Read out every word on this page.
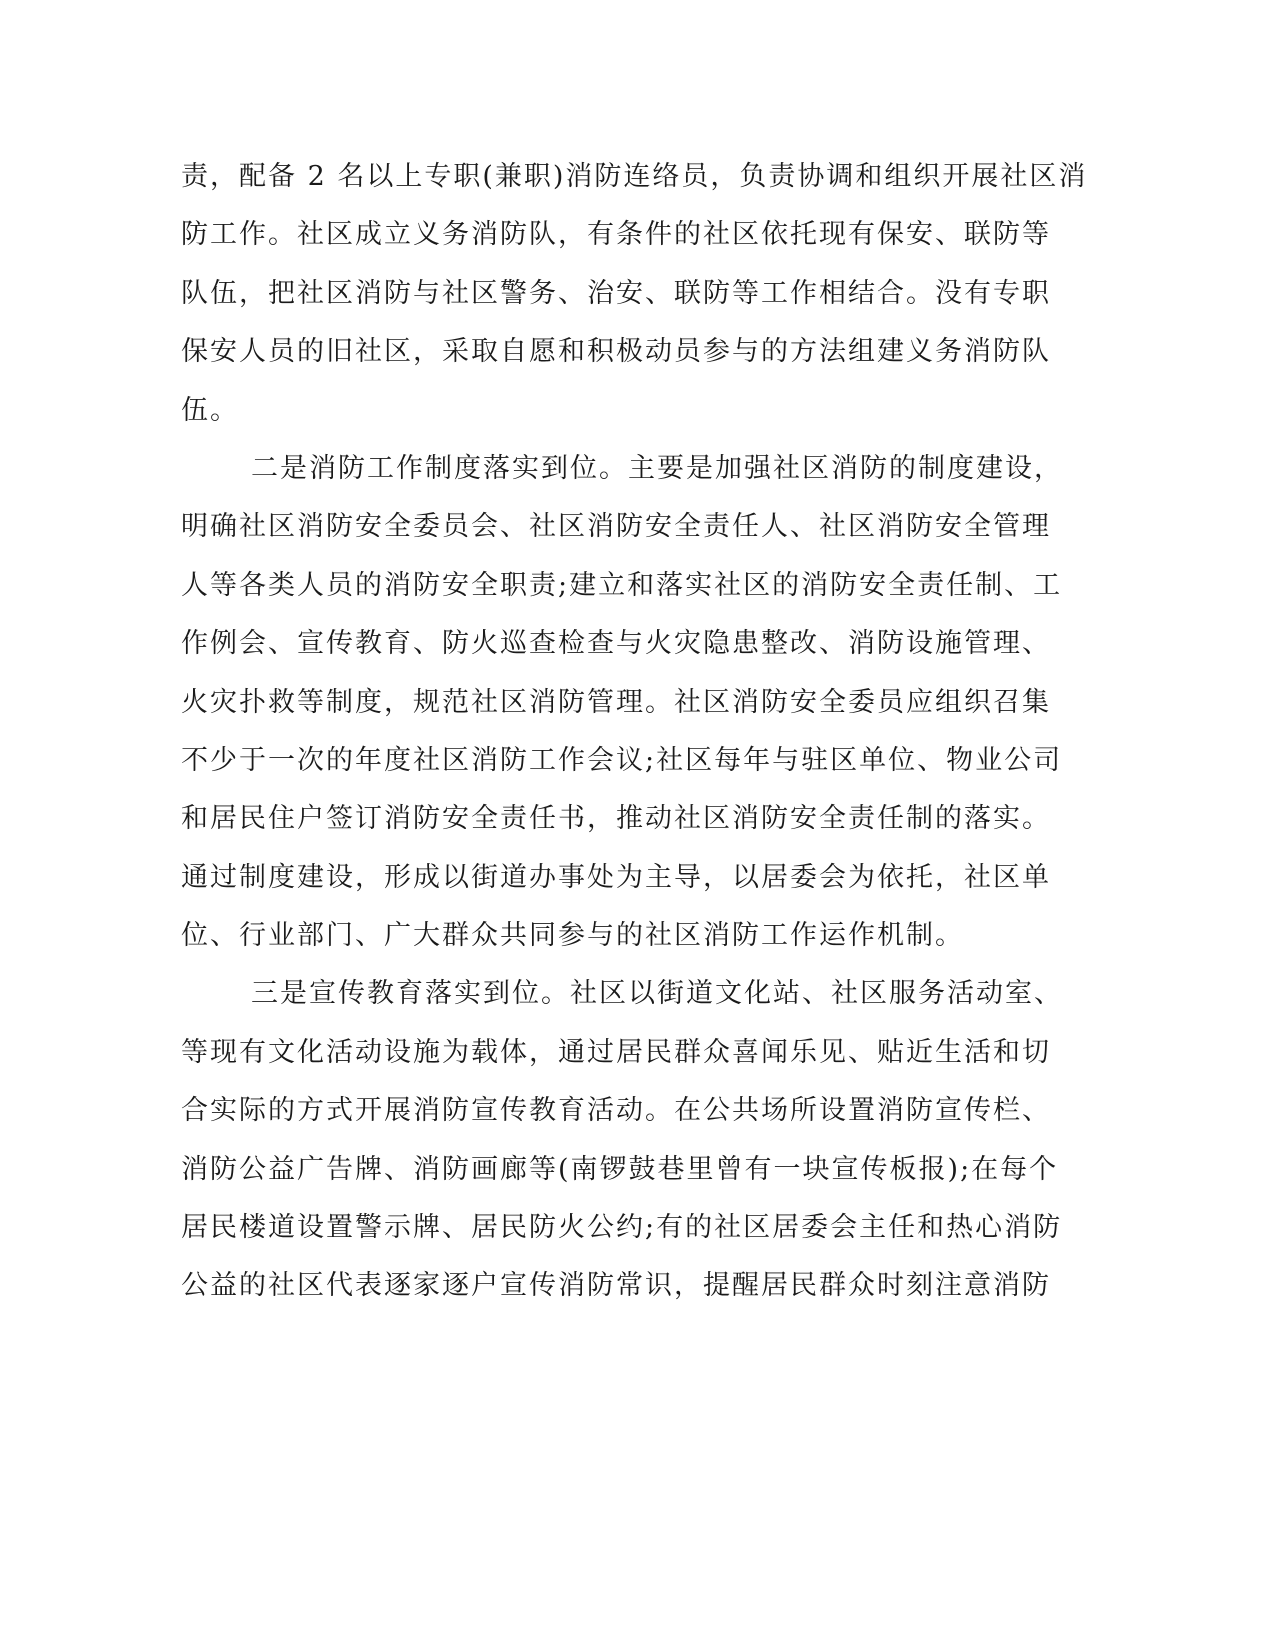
责，配备 2 名以上专职(兼职)消防连络员，负责协调和组织开展社区消
防工作。社区成立义务消防队，有条件的社区依托现有保安、联防等
队伍，把社区消防与社区警务、治安、联防等工作相结合。没有专职
保安人员的旧社区，采取自愿和积极动员参与的方法组建义务消防队
伍。
二是消防工作制度落实到位。主要是加强社区消防的制度建设，
明确社区消防安全委员会、社区消防安全责任人、社区消防安全管理
人等各类人员的消防安全职责;建立和落实社区的消防安全责任制、工
作例会、宣传教育、防火巡查检查与火灾隐患整改、消防设施管理、
火灾扑救等制度，规范社区消防管理。社区消防安全委员应组织召集
不少于一次的年度社区消防工作会议;社区每年与驻区单位、物业公司
和居民住户签订消防安全责任书，推动社区消防安全责任制的落实。
通过制度建设，形成以街道办事处为主导，以居委会为依托，社区单
位、行业部门、广大群众共同参与的社区消防工作运作机制。
三是宣传教育落实到位。社区以街道文化站、社区服务活动室、
等现有文化活动设施为载体，通过居民群众喜闻乐见、贴近生活和切
合实际的方式开展消防宣传教育活动。在公共场所设置消防宣传栏、
消防公益广告牌、消防画廊等(南锣鼓巷里曾有一块宣传板报);在每个
居民楼道设置警示牌、居民防火公约;有的社区居委会主任和热心消防
公益的社区代表逐家逐户宣传消防常识，提醒居民群众时刻注意消防
